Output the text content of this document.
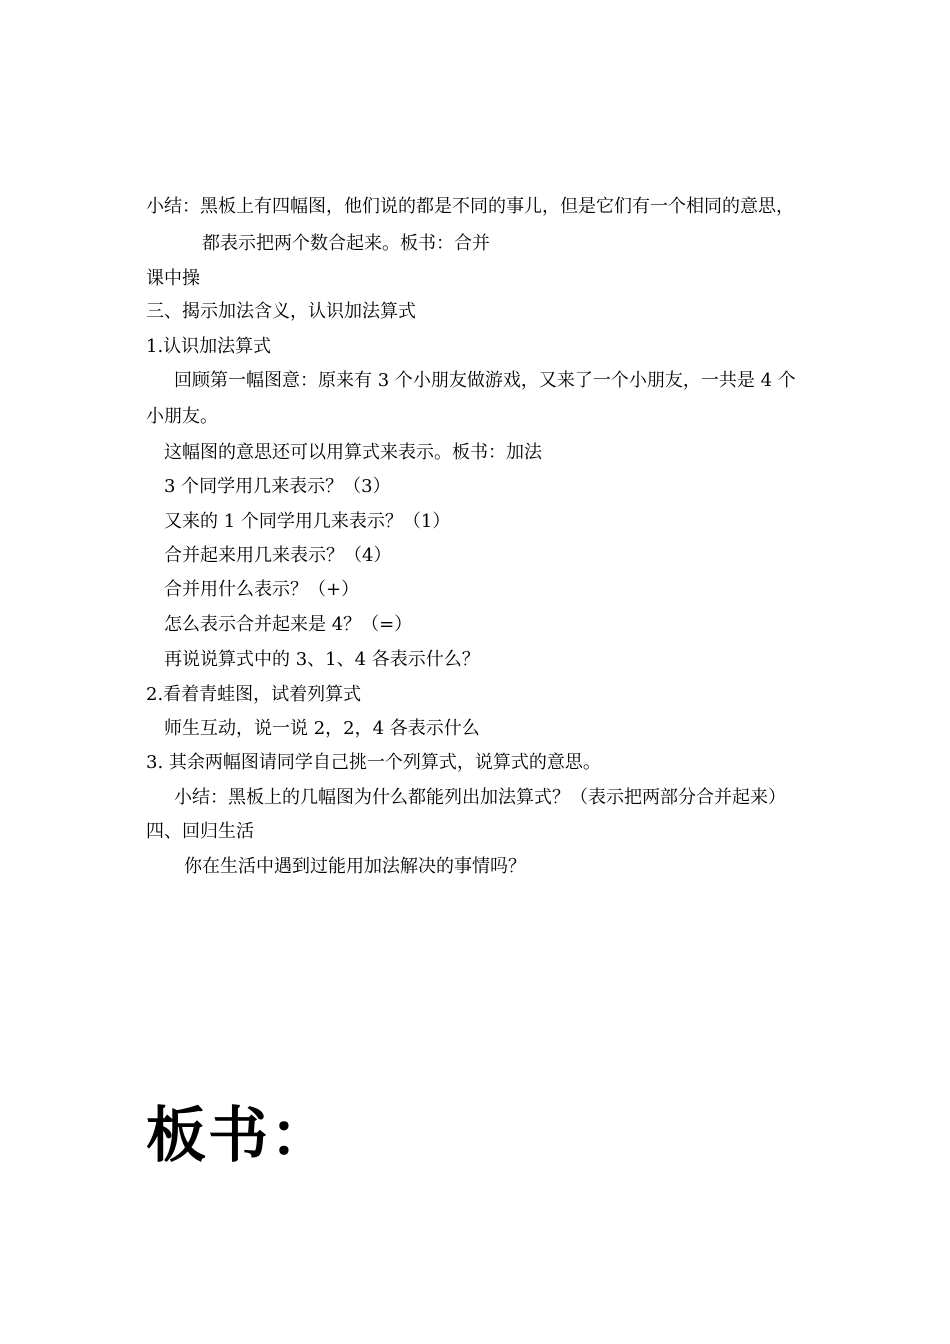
小结：黑板上有四幅图，他们说的都是不同的事儿，但是它们有一个相同的意思，
都表示把两个数合起来。板书：合并
课中操
三、揭示加法含义，认识加法算式
1.认识加法算式
回顾第一幅图意：原来有 3 个小朋友做游戏，又来了一个小朋友，一共是 4 个
小朋友。
这幅图的意思还可以用算式来表示。板书：加法
3 个同学用几来表示？（3）
又来的 1 个同学用几来表示？（1）
合并起来用几来表示？（4）
合并用什么表示？（+）
怎么表示合并起来是 4？（=）
再说说算式中的 3、1、4 各表示什么？
2.看着青蛙图，试着列算式
师生互动，说一说 2，2，4 各表示什么
3. 其余两幅图请同学自己挑一个列算式，说算式的意思。
小结：黑板上的几幅图为什么都能列出加法算式？（表示把两部分合并起来）
四、回归生活
你在生活中遇到过能用加法解决的事情吗？
板书：
